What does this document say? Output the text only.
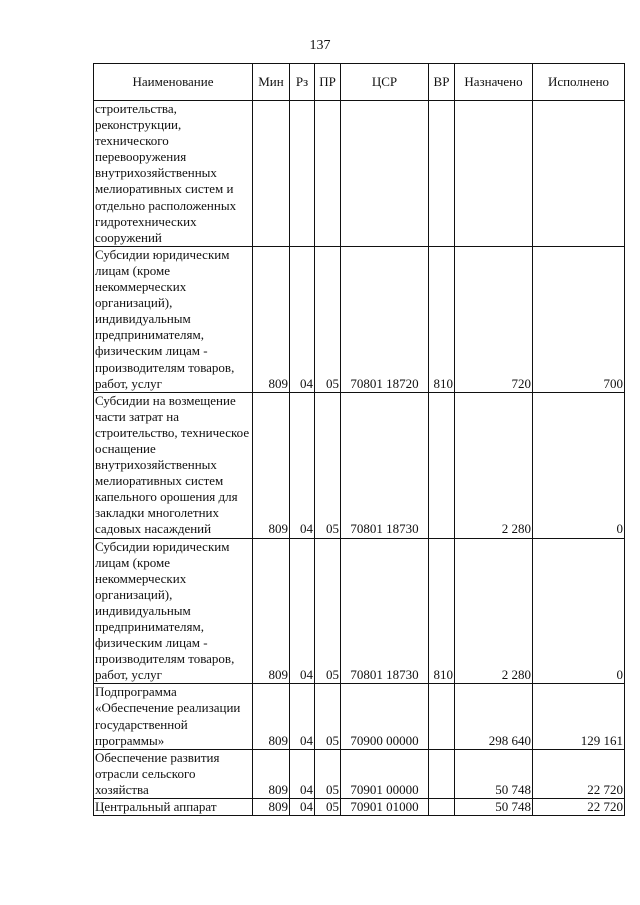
137
Наименование	Мин	Рз	ПР	ЦСР	ВР	Назначено	Исполнено
строительства, реконструкции, технического перевооружения внутрихозяйственных мелиоративных систем и отдельно расположенных гидротехнических сооружений							
Субсидии юридическим лицам (кроме некоммерческих организаций), индивидуальным предпринимателям, физическим лицам - производителям товаров, работ, услуг	809	04	05	70801 18720	810	720	700
Субсидии на возмещение части затрат на строительство, техническое оснащение внутрихозяйственных мелиоративных систем капельного орошения для закладки многолетних садовых насаждений	809	04	05	70801 18730		2 280	0
Субсидии юридическим лицам (кроме некоммерческих организаций), индивидуальным предпринимателям, физическим лицам - производителям товаров, работ, услуг	809	04	05	70801 18730	810	2 280	0
Подпрограмма «Обеспечение реализации государственной программы»	809	04	05	70900 00000		298 640	129 161
Обеспечение развития отрасли сельского хозяйства	809	04	05	70901 00000		50 748	22 720
Центральный аппарат	809	04	05	70901 01000		50 748	22 720
